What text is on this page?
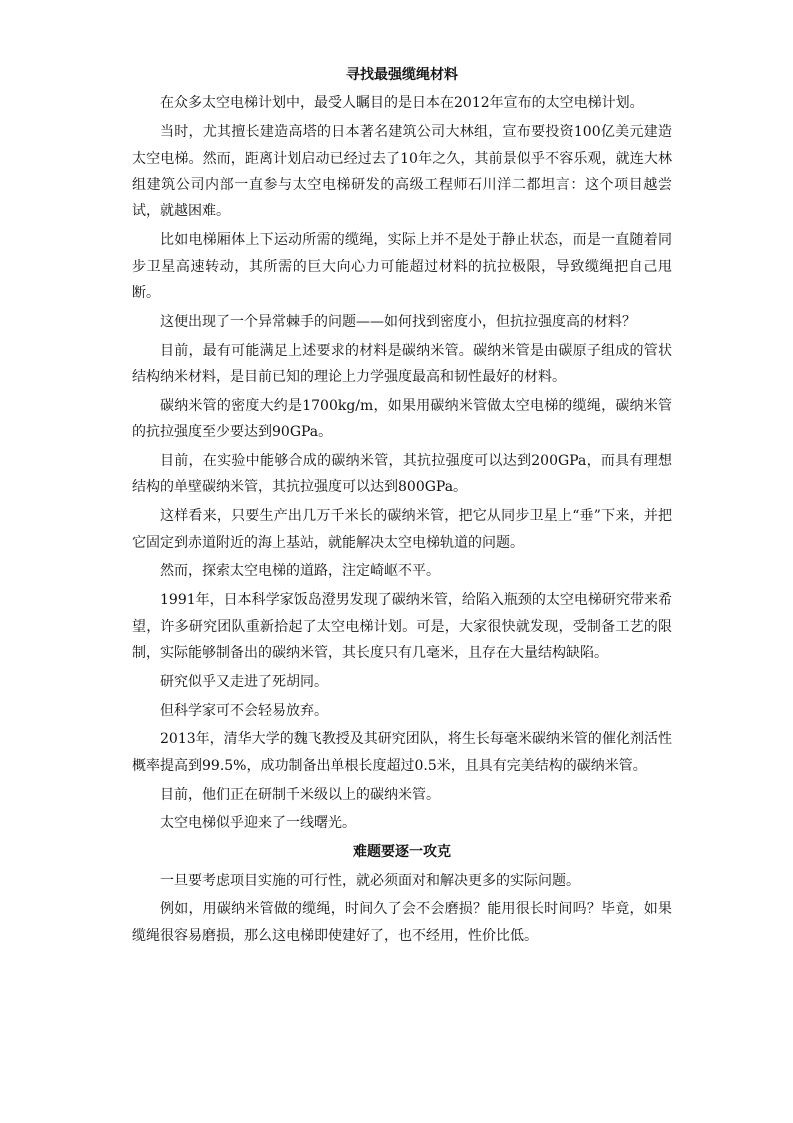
寻找最强缆绳材料

在众多太空电梯计划中，最受人瞩目的是日本在2012年宣布的太空电梯计划。

当时，尤其擅长建造高塔的日本著名建筑公司大林组，宣布要投资100亿美元建造太空电梯。然而，距离计划启动已经过去了10年之久，其前景似乎不容乐观，就连大林组建筑公司内部一直参与太空电梯研发的高级工程师石川洋二都坦言：这个项目越尝试，就越困难。

比如电梯厢体上下运动所需的缆绳，实际上并不是处于静止状态，而是一直随着同步卫星高速转动，其所需的巨大向心力可能超过材料的抗拉极限，导致缆绳把自己甩断。

这便出现了一个异常棘手的问题——如何找到密度小，但抗拉强度高的材料？

目前，最有可能满足上述要求的材料是碳纳米管。碳纳米管是由碳原子组成的管状结构纳米材料，是目前已知的理论上力学强度最高和韧性最好的材料。

碳纳米管的密度大约是1700kg/m，如果用碳纳米管做太空电梯的缆绳，碳纳米管的抗拉强度至少要达到90GPa。

目前，在实验中能够合成的碳纳米管，其抗拉强度可以达到200GPa，而具有理想结构的单壁碳纳米管，其抗拉强度可以达到800GPa。

这样看来，只要生产出几万千米长的碳纳米管，把它从同步卫星上“垂”下来，并把它固定到赤道附近的海上基站，就能解决太空电梯轨道的问题。

然而，探索太空电梯的道路，注定崎岖不平。

1991年，日本科学家饭岛澄男发现了碳纳米管，给陷入瓶颈的太空电梯研究带来希望，许多研究团队重新拾起了太空电梯计划。可是，大家很快就发现，受制备工艺的限制，实际能够制备出的碳纳米管，其长度只有几毫米，且存在大量结构缺陷。

研究似乎又走进了死胡同。

但科学家可不会轻易放弃。

2013年，清华大学的魏飞教授及其研究团队，将生长每毫米碳纳米管的催化剂活性概率提高到99.5%，成功制备出单根长度超过0.5米，且具有完美结构的碳纳米管。

目前，他们正在研制千米级以上的碳纳米管。

太空电梯似乎迎来了一线曙光。

难题要逐一攻克

一旦要考虑项目实施的可行性，就必须面对和解决更多的实际问题。

例如，用碳纳米管做的缆绳，时间久了会不会磨损？能用很长时间吗？毕竟，如果缆绳很容易磨损，那么这电梯即使建好了，也不经用，性价比低。
